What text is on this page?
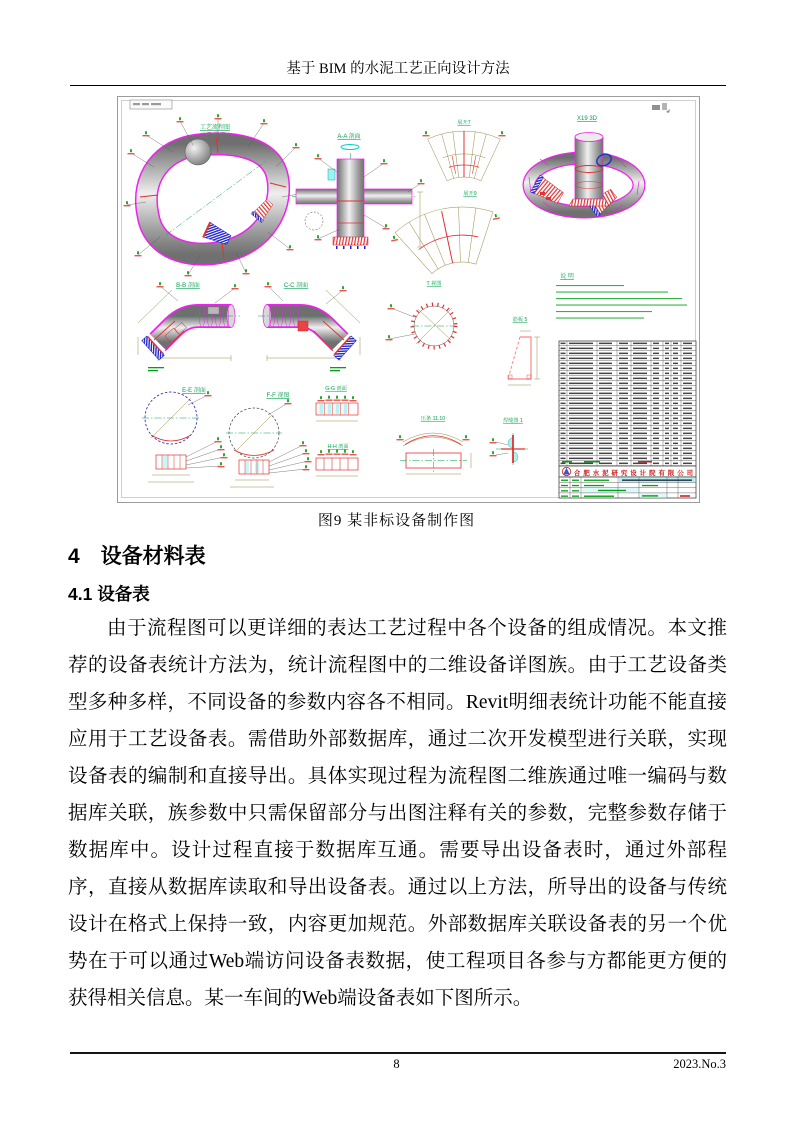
基于 BIM 的水泥工艺正向设计方法
工艺流程图
A-A 剖面
展开7
展开9
X19 3D
说 明
B-B 剖面	C-C 剖面	T 视图
筋板 5
E-E 剖面
F-F 视图
G-G 剖面
H-H 剖面
压条 11.10	焊缝图 1
合肥水泥研究设计院有限公司
图9 某非标设备制作图
4　设备材料表
4.1 设备表
由于流程图可以更详细的表达工艺过程中各个设备的组成情况。本文推荐的设备表统计方法为，统计流程图中的二维设备详图族。由于工艺设备类型多种多样，不同设备的参数内容各不相同。Revit明细表统计功能不能直接应用于工艺设备表。需借助外部数据库，通过二次开发模型进行关联，实现设备表的编制和直接导出。具体实现过程为流程图二维族通过唯一编码与数据库关联，族参数中只需保留部分与出图注释有关的参数，完整参数存储于数据库中。设计过程直接于数据库互通。需要导出设备表时，通过外部程序，直接从数据库读取和导出设备表。通过以上方法，所导出的设备与传统设计在格式上保持一致，内容更加规范。外部数据库关联设备表的另一个优势在于可以通过Web端访问设备表数据，使工程项目各参与方都能更方便的获得相关信息。某一车间的Web端设备表如下图所示。
8	2023.No.3
